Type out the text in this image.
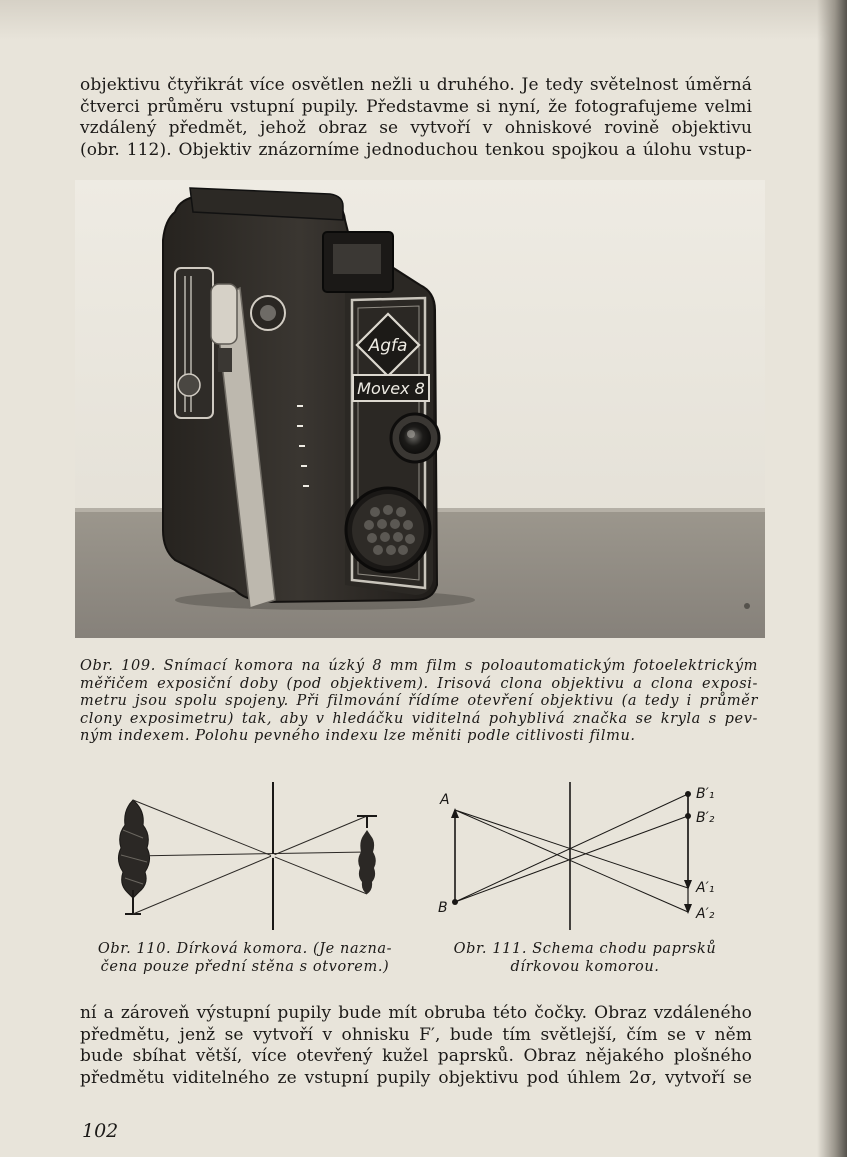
objektivu čtyřikrát více osvětlen nežli u druhého. Je tedy světelnost úměrná
čtverci průměru vstupní pupily. Představme si nyní, že fotografujeme velmi
vzdálený předmět, jehož obraz se vytvoří v ohniskové rovině objektivu
(obr. 112). Objektiv znázorníme jednoduchou tenkou spojkou a úlohu vstup-
Agfa
Movex 8
Obr. 109. Snímací komora na úzký 8 mm film s poloautomatickým fotoelektrickým
měřičem exposiční doby (pod objektivem). Irisová clona objektivu a clona exposi-
metru jsou spolu spojeny. Při filmování řídíme otevření objektivu (a tedy i průměr
clony exposimetru) tak, aby v hledáčku viditelná pohyblivá značka se kryla s pev-
ným indexem. Polohu pevného indexu lze měniti podle citlivosti filmu.
A
B
B′₁
B′₂
A′₁
A′₂
Obr. 110. Dírková komora. (Je nazna-
čena pouze přední stěna s otvorem.)
Obr. 111. Schema chodu paprsků
dírkovou komorou.
ní a zároveň výstupní pupily bude mít obruba této čočky. Obraz vzdáleného
předmětu, jenž se vytvoří v ohnisku F′, bude tím světlejší, čím se v něm
bude sbíhat větší, více otevřený kužel paprsků. Obraz nějakého plošného
předmětu viditelného ze vstupní pupily objektivu pod úhlem 2σ, vytvoří se
102
